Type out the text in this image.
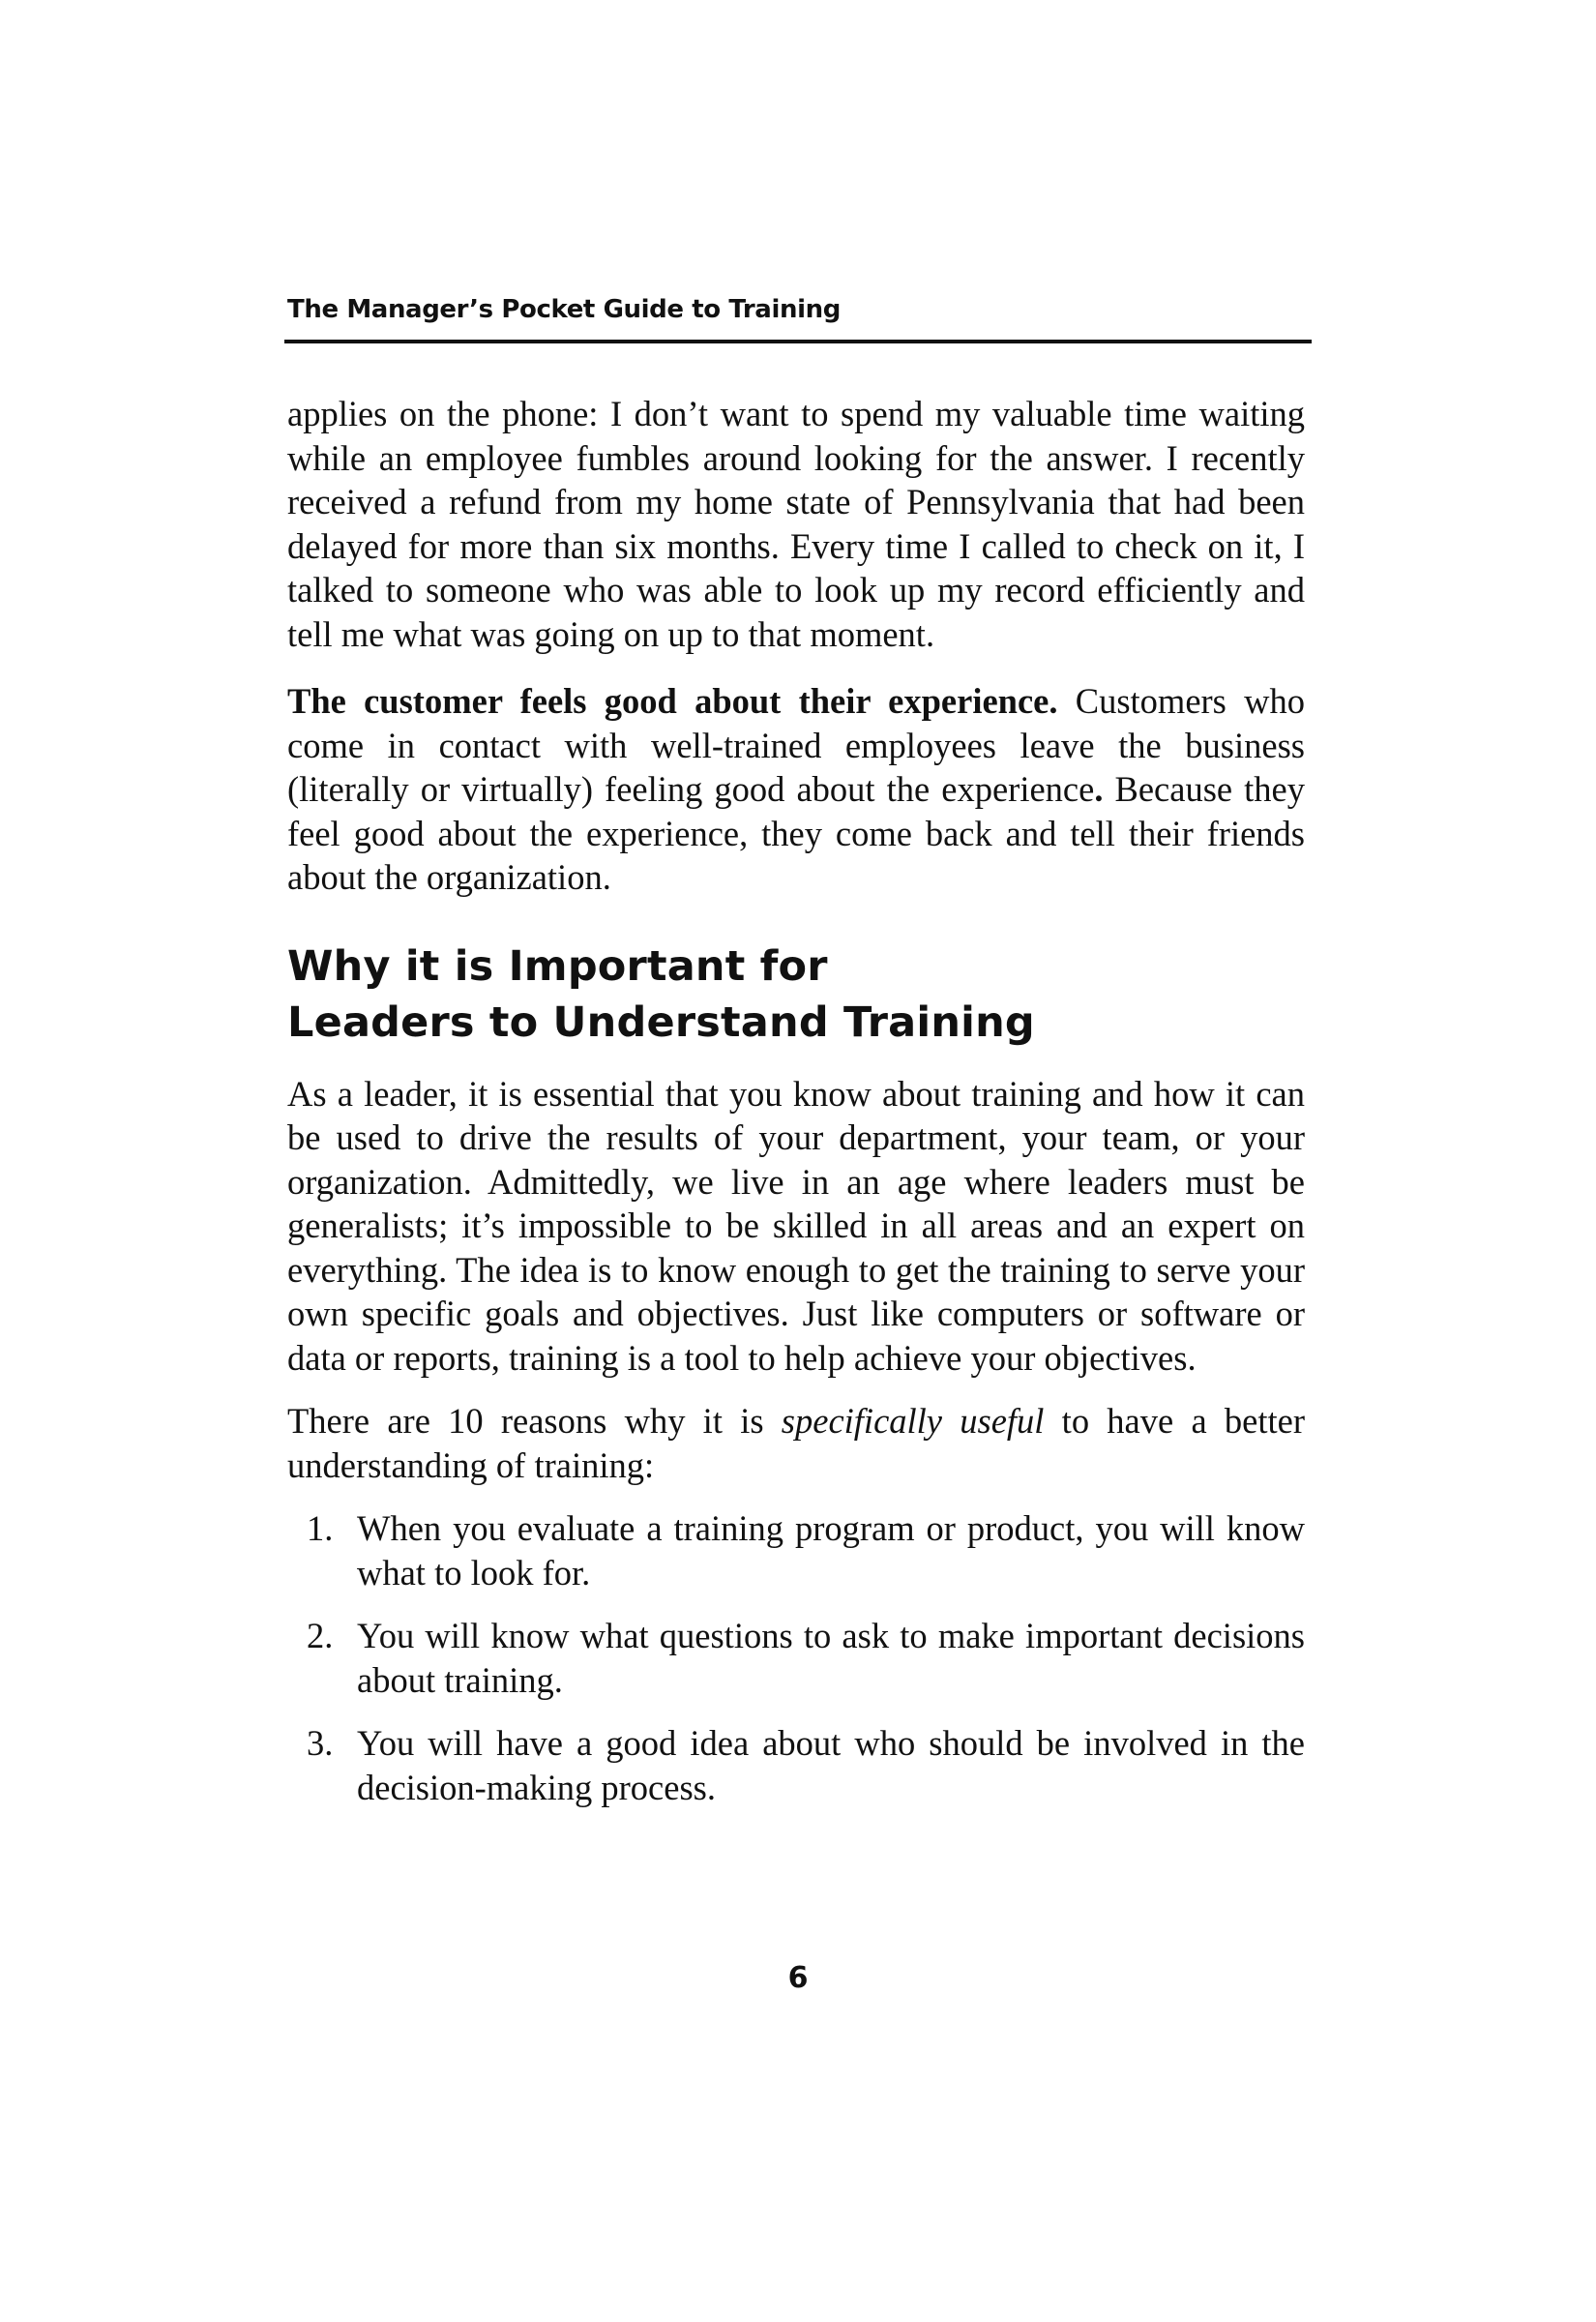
The Manager’s Pocket Guide to Training

applies on the phone: I don’t want to spend my valuable time waiting while an employee fumbles around looking for the answer. I recently received a refund from my home state of Pennsylvania that had been delayed for more than six months. Every time I called to check on it, I talked to someone who was able to look up my record efficiently and tell me what was going on up to that moment.

The customer feels good about their experience. Customers who come in contact with well-trained employees leave the business (literally or virtually) feeling good about the experience. Because they feel good about the experience, they come back and tell their friends about the organization.

Why it is Important for
Leaders to Understand Training

As a leader, it is essential that you know about training and how it can be used to drive the results of your department, your team, or your organization. Admittedly, we live in an age where leaders must be generalists; it’s impossible to be skilled in all areas and an expert on everything. The idea is to know enough to get the training to serve your own specific goals and objectives. Just like computers or software or data or reports, training is a tool to help achieve your objectives.

There are 10 reasons why it is specifically useful to have a better understanding of training:

1. When you evaluate a training program or product, you will know what to look for.
2. You will know what questions to ask to make important decisions about training.
3. You will have a good idea about who should be involved in the decision-making process.
6
